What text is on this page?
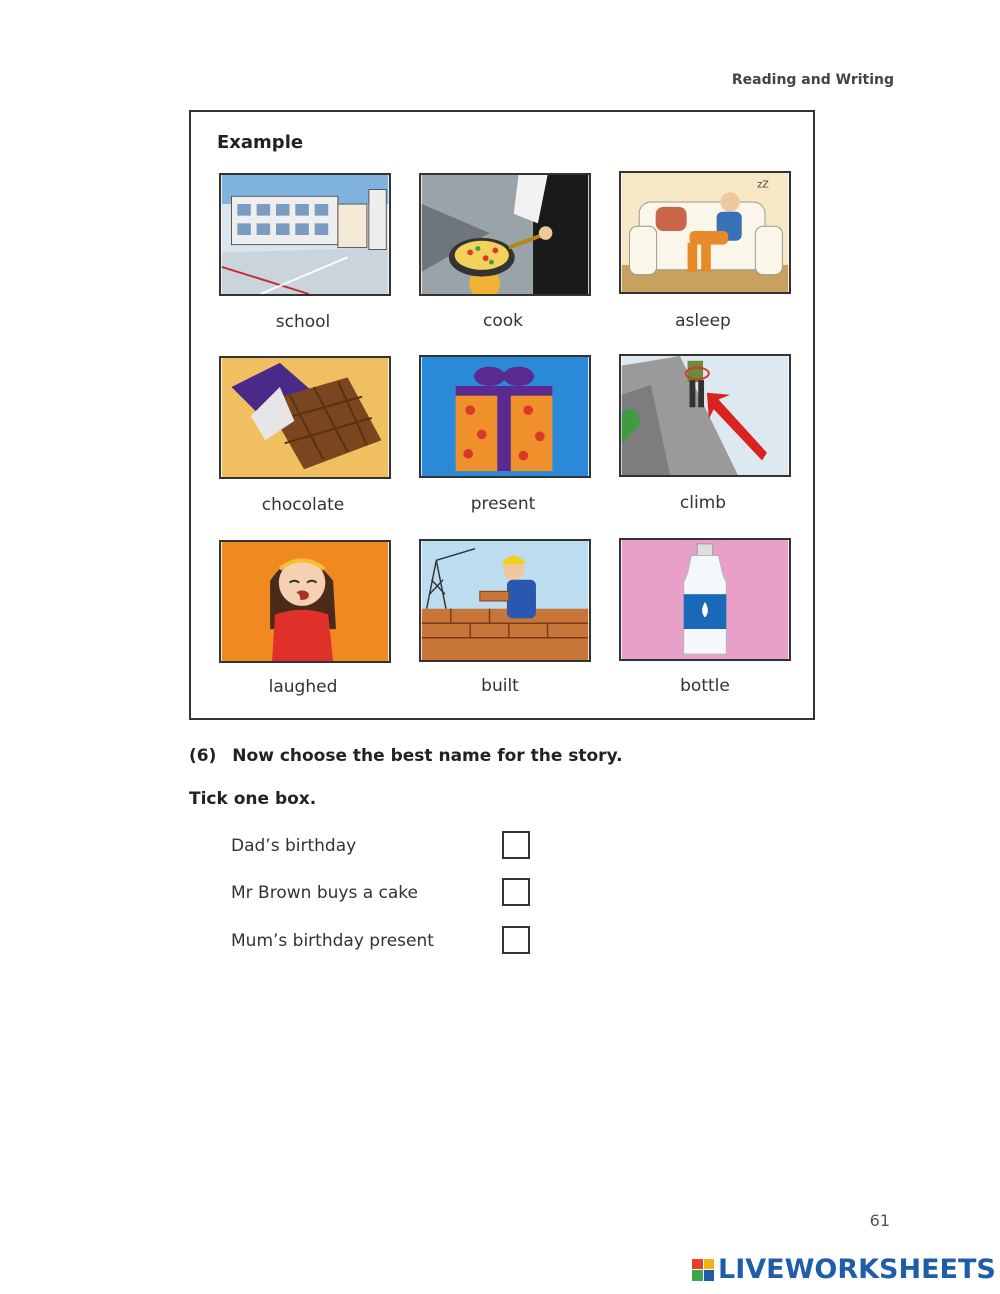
Reading and Writing
Example
zZ
school	cook	asleep
chocolate	present	climb
laughed	built	bottle
(6) Now choose the best name for the story.
Tick one box.
Dad’s birthday
Mr Brown buys a cake
Mum’s birthday present
61
LIVEWORKSHEETS
